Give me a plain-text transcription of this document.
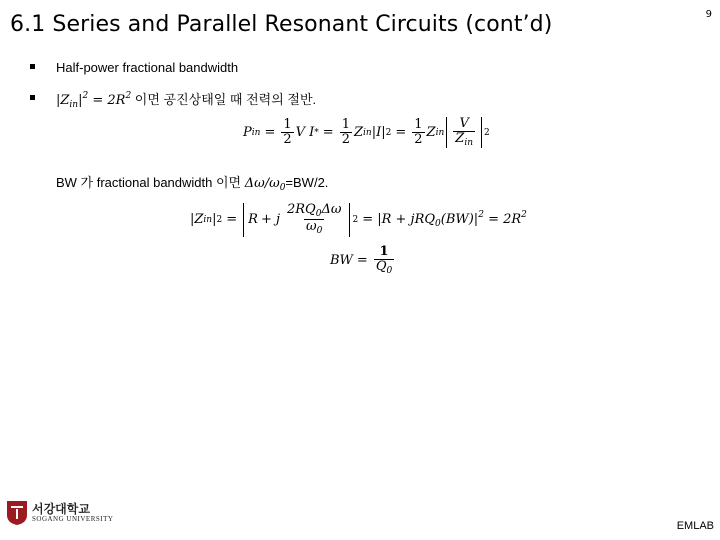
6.1 Series and Parallel Resonant Circuits (cont’d)	9
Half-power fractional bandwidth
$|Z_{in}|^2 = 2R^2$ 이면 공진상태일 때 전력의 절반.
P in = $\frac{1}{2}$ V I * = $\frac{1}{2}$ Z in |I| $2 = \frac{1}{2}$ Z in $\frac{V}{Z_{in}} 2$
BW 가 fractional bandwidth 이면 $\Delta\omega/\omega_0=BW/2$.
|Z in | 2 = R + j $\frac{2RQ_0\Delta\omega}{\omega_0} 2 = |R + jRQ_0(BW)|^2 = 2R^2$
BW = $\frac{1}{Q_0}$
서강대학교
SOGANG UNIVERSITY
EMLAB
